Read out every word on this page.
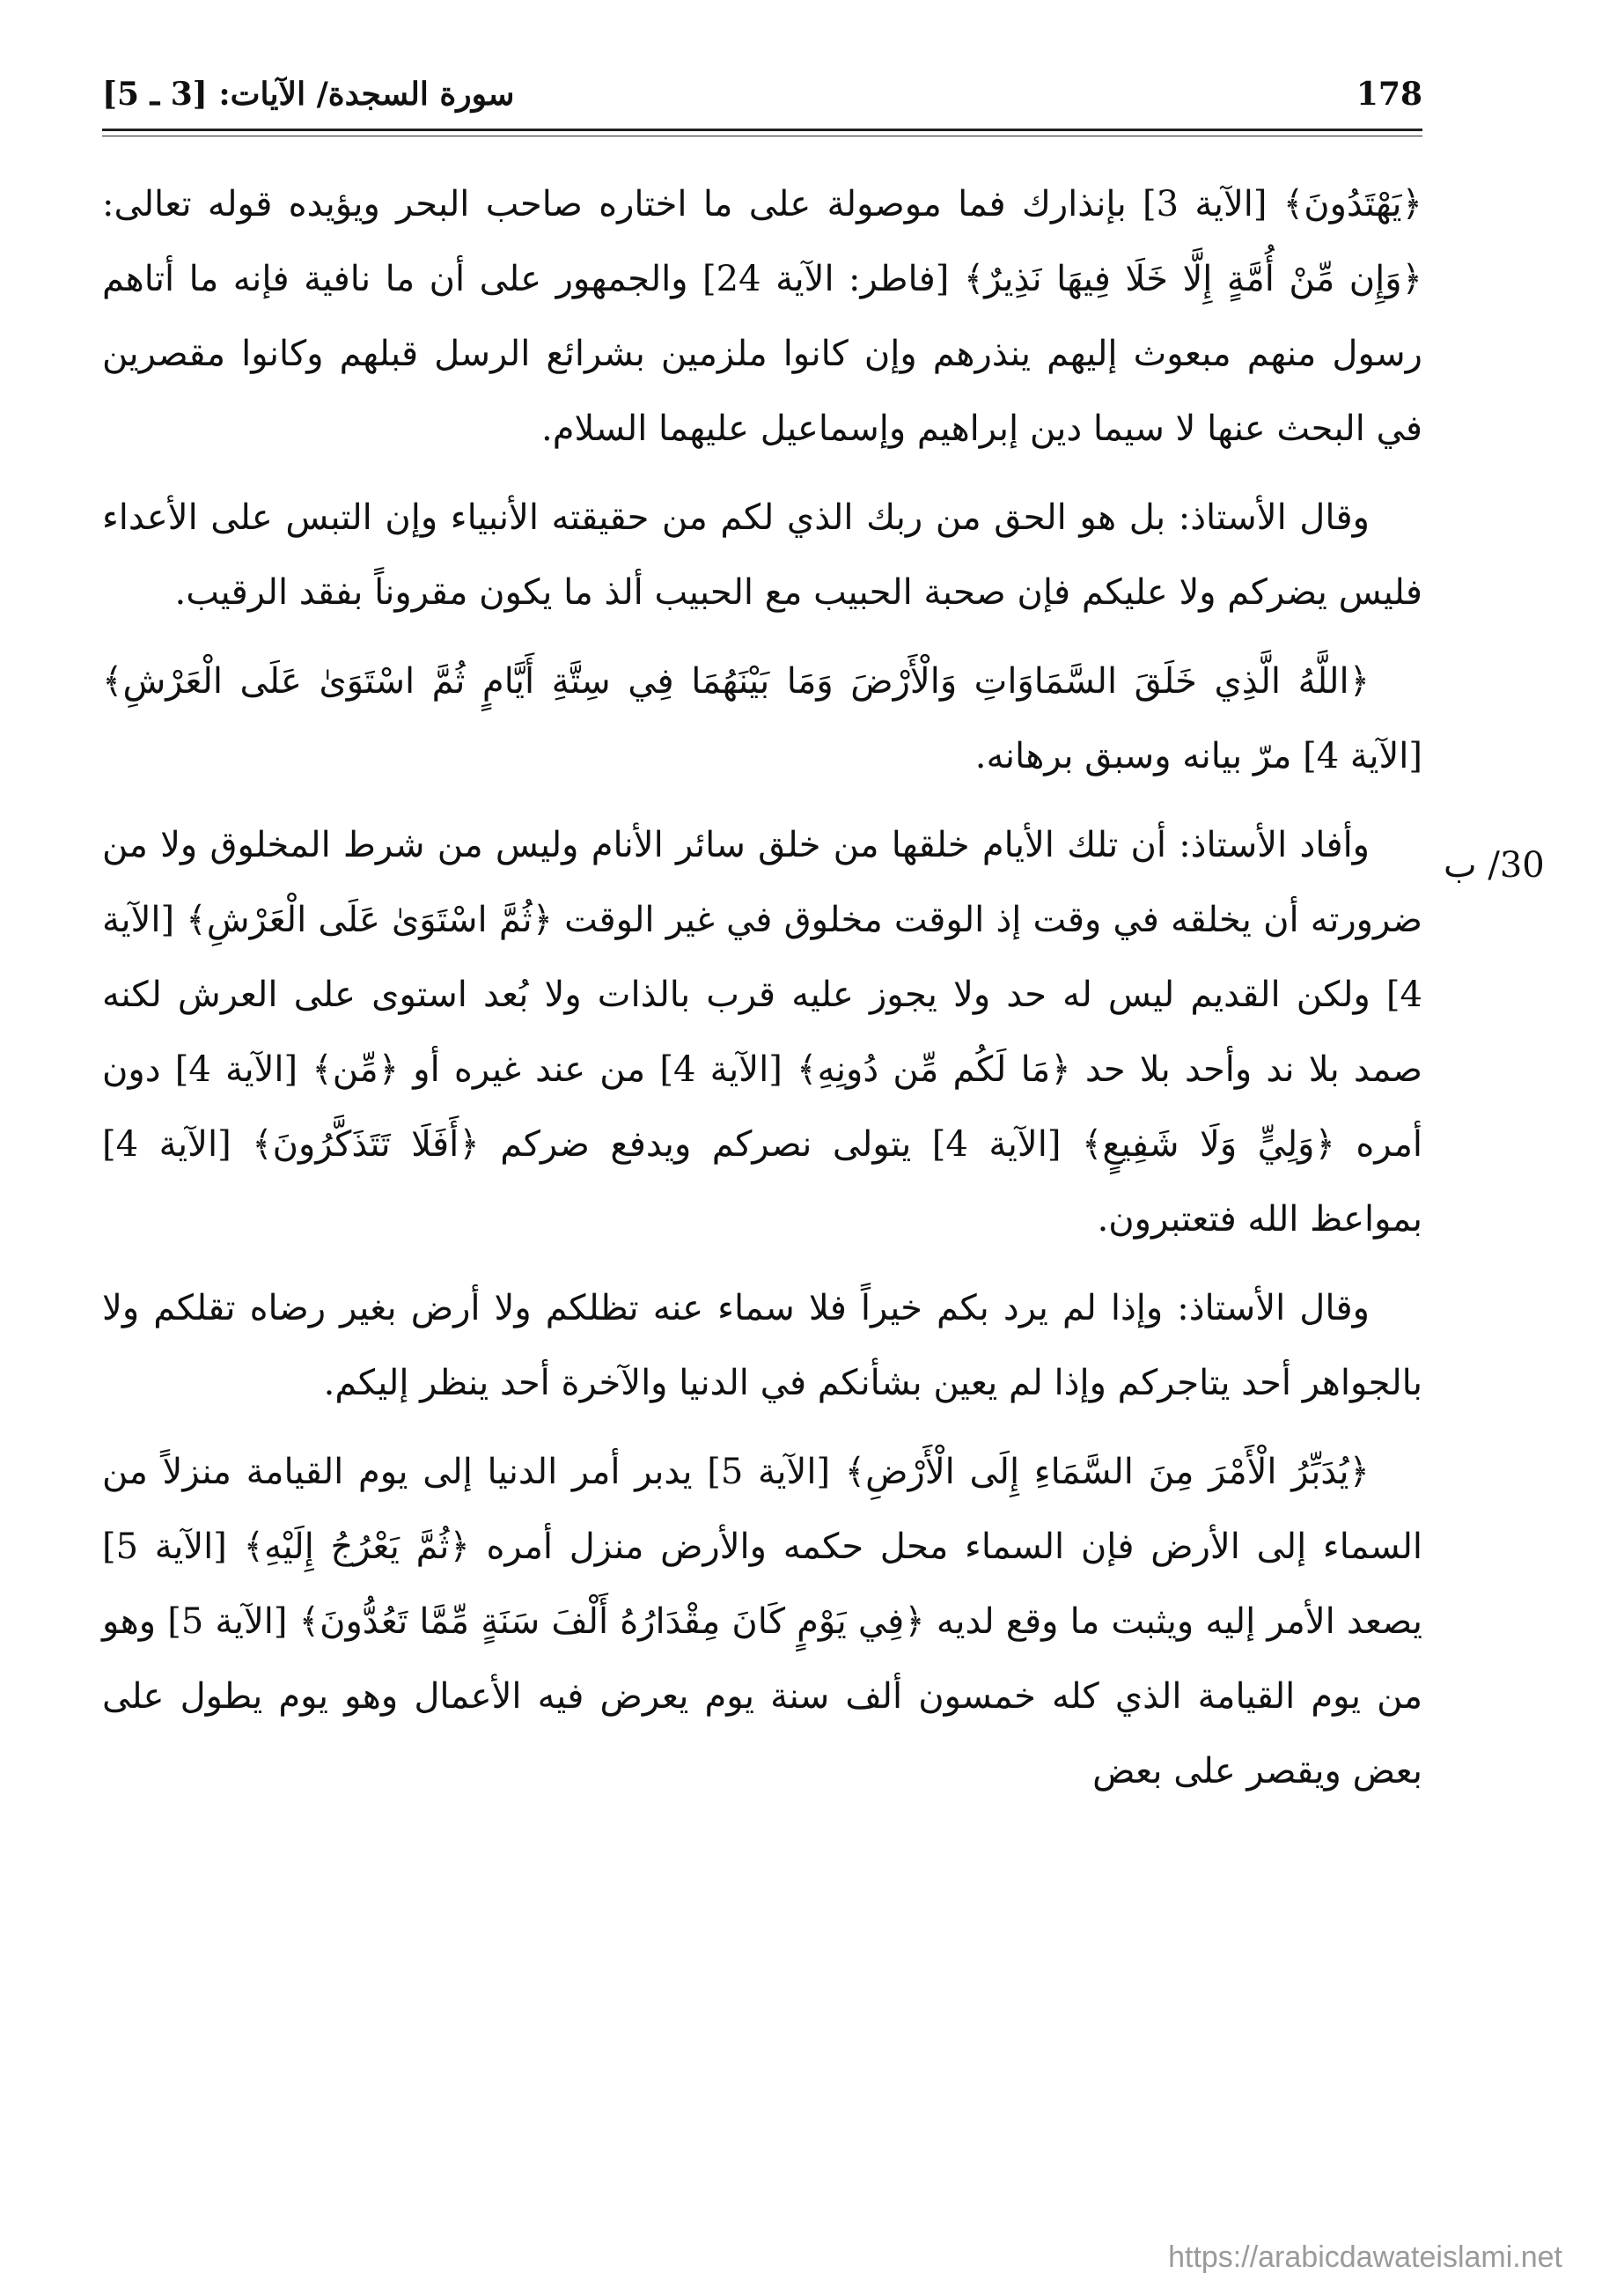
سورة السجدة/ الآيات: [3 ـ 5]	178
30/ ب

﴿يَهْتَدُونَ﴾ [الآية 3] بإنذارك فما موصولة على ما اختاره صاحب البحر ويؤيده قوله تعالى: ﴿وَإِن مِّنْ أُمَّةٍ إِلَّا خَلَا فِيهَا نَذِيرٌ﴾ [فاطر: الآية 24] والجمهور على أن ما نافية فإنه ما أتاهم رسول منهم مبعوث إليهم ينذرهم وإن كانوا ملزمين بشرائع الرسل قبلهم وكانوا مقصرين في البحث عنها لا سيما دين إبراهيم وإسماعيل عليهما السلام.

وقال الأستاذ: بل هو الحق من ربك الذي لكم من حقيقته الأنبياء وإن التبس على الأعداء فليس يضركم ولا عليكم فإن صحبة الحبيب مع الحبيب ألذ ما يكون مقروناً بفقد الرقيب.

﴿اللَّهُ الَّذِي خَلَقَ السَّمَاوَاتِ وَالْأَرْضَ وَمَا بَيْنَهُمَا فِي سِتَّةِ أَيَّامٍ ثُمَّ اسْتَوَىٰ عَلَى الْعَرْشِ﴾ [الآية 4] مرّ بيانه وسبق برهانه.

وأفاد الأستاذ: أن تلك الأيام خلقها من خلق سائر الأنام وليس من شرط المخلوق ولا من ضرورته أن يخلقه في وقت إذ الوقت مخلوق في غير الوقت ﴿ثُمَّ اسْتَوَىٰ عَلَى الْعَرْشِ﴾ [الآية 4] ولكن القديم ليس له حد ولا يجوز عليه قرب بالذات ولا بُعد استوى على العرش لكنه صمد بلا ند وأحد بلا حد ﴿مَا لَكُم مِّن دُونِهِ﴾ [الآية 4] من عند غيره أو ﴿مِّن﴾ [الآية 4] دون أمره ﴿وَلِيٍّ وَلَا شَفِيعٍ﴾ [الآية 4] يتولى نصركم ويدفع ضركم ﴿أَفَلَا تَتَذَكَّرُونَ﴾ [الآية 4] بمواعظ الله فتعتبرون.

وقال الأستاذ: وإذا لم يرد بكم خيراً فلا سماء عنه تظلكم ولا أرض بغير رضاه تقلكم ولا بالجواهر أحد يتاجركم وإذا لم يعين بشأنكم في الدنيا والآخرة أحد ينظر إليكم.

﴿يُدَبِّرُ الْأَمْرَ مِنَ السَّمَاءِ إِلَى الْأَرْضِ﴾ [الآية 5] يدبر أمر الدنيا إلى يوم القيامة منزلاً من السماء إلى الأرض فإن السماء محل حكمه والأرض منزل أمره ﴿ثُمَّ يَعْرُجُ إِلَيْهِ﴾ [الآية 5] يصعد الأمر إليه ويثبت ما وقع لديه ﴿فِي يَوْمٍ كَانَ مِقْدَارُهُ أَلْفَ سَنَةٍ مِّمَّا تَعُدُّونَ﴾ [الآية 5] وهو من يوم القيامة الذي كله خمسون ألف سنة يوم يعرض فيه الأعمال وهو يوم يطول على بعض ويقصر على بعض

https://arabicdawateislami.net
